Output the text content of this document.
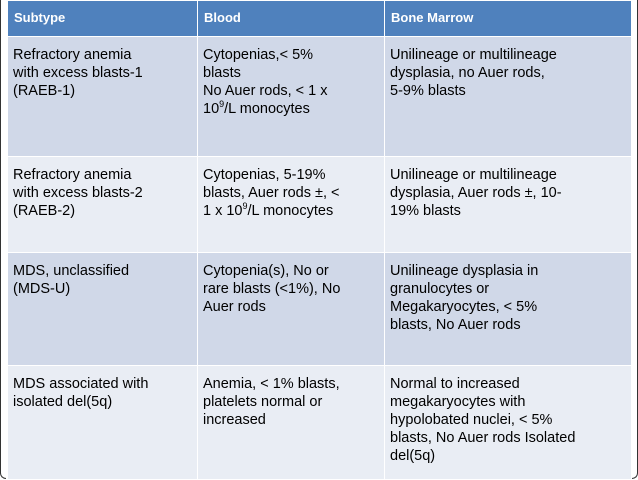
Subtype	Blood	Bone Marrow

Refractory anemia
with excess blasts-1
(RAEB-1)	Cytopenias,< 5%
blasts
No Auer rods, < 1 x
$10^9/L$ monocytes	Unilineage or multilineage
dysplasia, no Auer rods,
5-9% blasts

Refractory anemia
with excess blasts-2
(RAEB-2)	Cytopenias, 5-19%
blasts, Auer rods ±, <
1 x $10^9/L$ monocytes	Unilineage or multilineage
dysplasia, Auer rods ±, 10-
19% blasts

MDS, unclassified
(MDS-U)	Cytopenia(s), No or
rare blasts (<1%), No
Auer rods	Unilineage dysplasia in
granulocytes or
Megakaryocytes, < 5%
blasts, No Auer rods

MDS associated with
isolated del(5q)	Anemia, < 1% blasts,
platelets normal or
increased	Normal to increased
megakaryocytes with
hypolobated nuclei, < 5%
blasts, No Auer rods Isolated
del(5q)
